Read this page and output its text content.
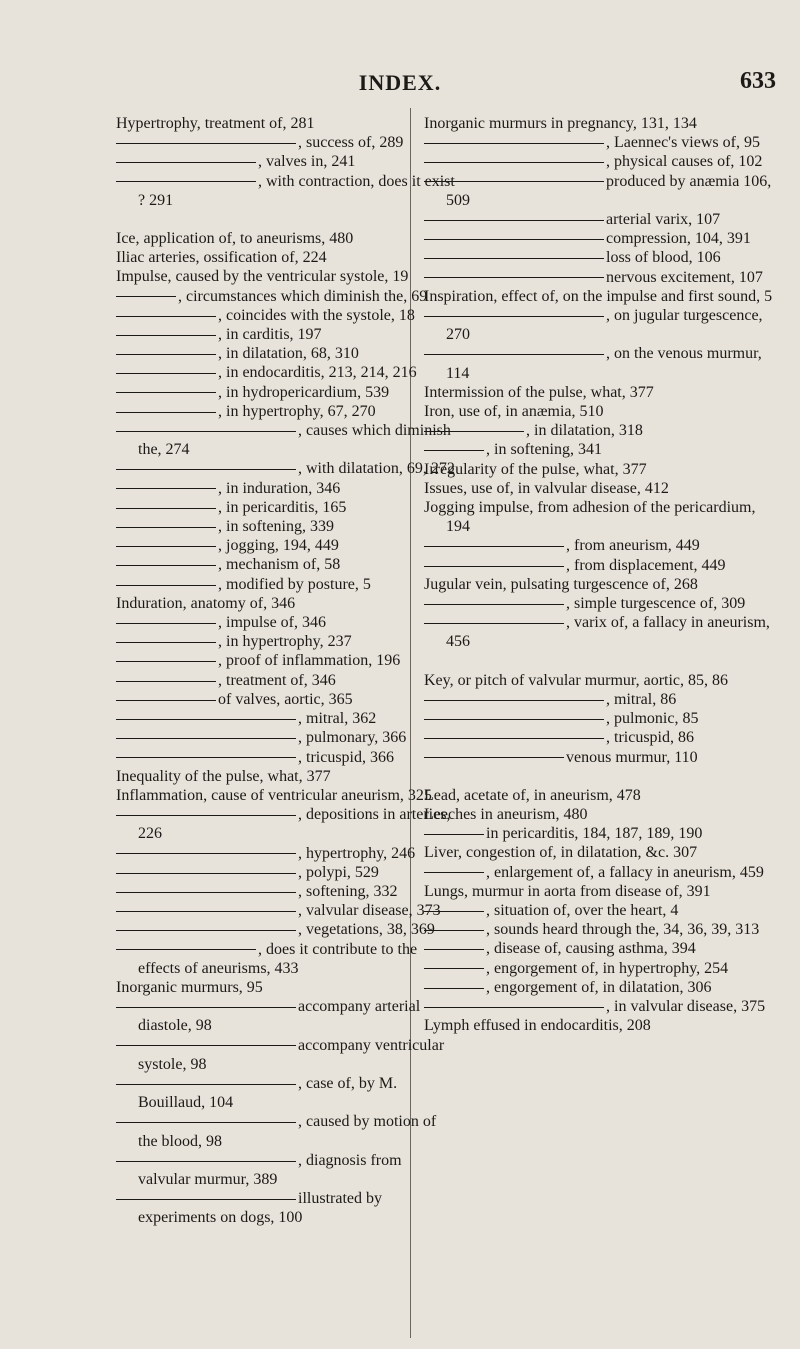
INDEX.	633
Hypertrophy, treatment of, 281
, success of, 289
, valves in, 241
, with contraction, does it exist ? 291
Ice, application of, to aneurisms, 480
Iliac arteries, ossification of, 224
Impulse, caused by the ventricular systole, 19
, circumstances which diminish the, 69
, coincides with the systole, 18
, in carditis, 197
, in dilatation, 68, 310
, in endocarditis, 213, 214, 216
, in hydropericardium, 539
, in hypertrophy, 67, 270
, causes which diminish the, 274
, with dilatation, 69, 272
, in induration, 346
, in pericarditis, 165
, in softening, 339
, jogging, 194, 449
, mechanism of, 58
, modified by posture, 5
Induration, anatomy of, 346
, impulse of, 346
, in hypertrophy, 237
, proof of inflammation, 196
, treatment of, 346
of valves, aortic, 365
, mitral, 362
, pulmonary, 366
, tricuspid, 366
Inequality of the pulse, what, 377
Inflammation, cause of ventricular aneurism, 325
, depositions in arteries, 226
, hypertrophy, 246
, polypi, 529
, softening, 332
, valvular disease, 373
, vegetations, 38, 369
, does it contribute to the effects of aneurisms, 433
Inorganic murmurs, 95
accompany arterial diastole, 98
accompany ventricular systole, 98
, case of, by M. Bouillaud, 104
, caused by motion of the blood, 98
, diagnosis from valvular murmur, 389
illustrated by experiments on dogs, 100
Inorganic murmurs in pregnancy, 131, 134
, Laennec's views of, 95
, physical causes of, 102
produced by anæmia 106, 509
arterial varix, 107
compression, 104, 391
loss of blood, 106
nervous excitement, 107
Inspiration, effect of, on the impulse and first sound, 5
, on jugular turgescence, 270
, on the venous murmur, 114
Intermission of the pulse, what, 377
Iron, use of, in anæmia, 510
, in dilatation, 318
, in softening, 341
Irregularity of the pulse, what, 377
Issues, use of, in valvular disease, 412
Jogging impulse, from adhesion of the pericardium, 194
, from aneurism, 449
, from displacement, 449
Jugular vein, pulsating turgescence of, 268
, simple turgescence of, 309
, varix of, a fallacy in aneurism, 456
Key, or pitch of valvular murmur, aortic, 85, 86
, mitral, 86
, pulmonic, 85
, tricuspid, 86
venous murmur, 110
Lead, acetate of, in aneurism, 478
Leeches in aneurism, 480
in pericarditis, 184, 187, 189, 190
Liver, congestion of, in dilatation, &c. 307
, enlargement of, a fallacy in aneurism, 459
Lungs, murmur in aorta from disease of, 391
, situation of, over the heart, 4
, sounds heard through the, 34, 36, 39, 313
, disease of, causing asthma, 394
, engorgement of, in hypertrophy, 254
, engorgement of, in dilatation, 306
, in valvular disease, 375
Lymph effused in endocarditis, 208
